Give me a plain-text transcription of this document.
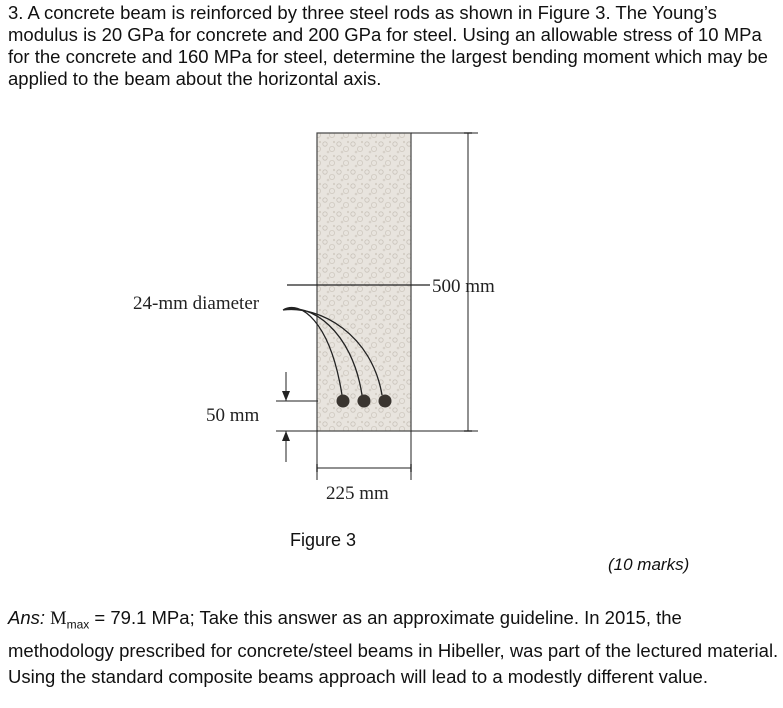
3. A concrete beam is reinforced by three steel rods as shown in Figure 3. The Young’s modulus is 20 GPa for concrete and 200 GPa for steel. Using an allowable stress of 10 MPa for the concrete and 160 MPa for steel, determine the largest bending moment which may be applied to the beam about the horizontal axis.

500 mm
24-mm diameter
50 mm
225 mm

Figure 3

(10 marks)

Ans: $M_{max} = 79.1$ MPa; Take this answer as an approximate guideline. In 2015, the methodology prescribed for concrete/steel beams in Hibeller, was part of the lectured material. Using the standard composite beams approach will lead to a modestly different value.
